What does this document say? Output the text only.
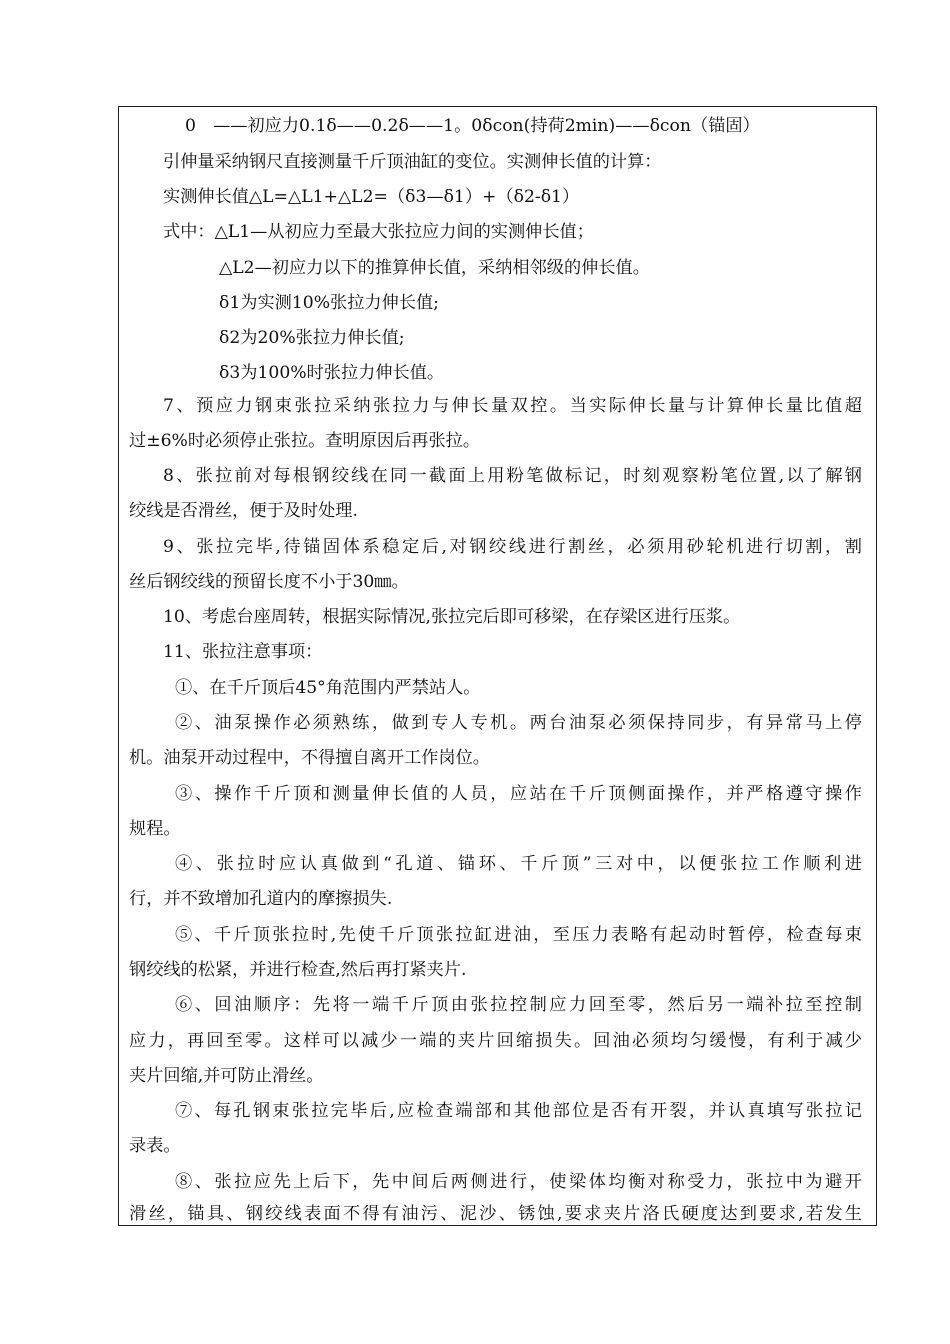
0　——初应力0.1δ——0.2δ——1。0δcon(持荷2min)——δcon（锚固）
引伸量采纳钢尺直接测量千斤顶油缸的变位。实测伸长值的计算：
实测伸长值△L=△L1+△L2=（δ3—δ1）+（δ2-δ1）
式中：△L1—从初应力至最大张拉应力间的实测伸长值；
△L2—初应力以下的推算伸长值，采纳相邻级的伸长值。
δ1为实测10%张拉力伸长值;
δ2为20%张拉力伸长值;
δ3为100%时张拉力伸长值。
7、预应力钢束张拉采纳张拉力与伸长量双控。当实际伸长量与计算伸长量比值超
过±6%时必须停止张拉。查明原因后再张拉。
8、张拉前对每根钢绞线在同一截面上用粉笔做标记，时刻观察粉笔位置,以了解钢
绞线是否滑丝，便于及时处理.
9、张拉完毕,待锚固体系稳定后,对钢绞线进行割丝，必须用砂轮机进行切割，割
丝后钢绞线的预留长度不小于30㎜。
10、考虑台座周转，根据实际情况,张拉完后即可移梁，在存梁区进行压浆。
11、张拉注意事项：
①、在千斤顶后45°角范围内严禁站人。
②、油泵操作必须熟练，做到专人专机。两台油泵必须保持同步，有异常马上停
机。油泵开动过程中，不得擅自离开工作岗位。
③、操作千斤顶和测量伸长值的人员，应站在千斤顶侧面操作，并严格遵守操作
规程。
④、张拉时应认真做到“孔道、锚环、千斤顶”三对中，以便张拉工作顺利进
行，并不致增加孔道内的摩擦损失.
⑤、千斤顶张拉时,先使千斤顶张拉缸进油，至压力表略有起动时暂停，检查每束
钢绞线的松紧，并进行检查,然后再打紧夹片.
⑥、回油顺序：先将一端千斤顶由张拉控制应力回至零，然后另一端补拉至控制
应力，再回至零。这样可以减少一端的夹片回缩损失。回油必须均匀缓慢，有利于减少
夹片回缩,并可防止滑丝。
⑦、每孔钢束张拉完毕后,应检查端部和其他部位是否有开裂，并认真填写张拉记
录表。
⑧、张拉应先上后下，先中间后两侧进行，使梁体均衡对称受力，张拉中为避开
滑丝，锚具、钢绞线表面不得有油污、泥沙、锈蚀,要求夹片洛氏硬度达到要求,若发生
